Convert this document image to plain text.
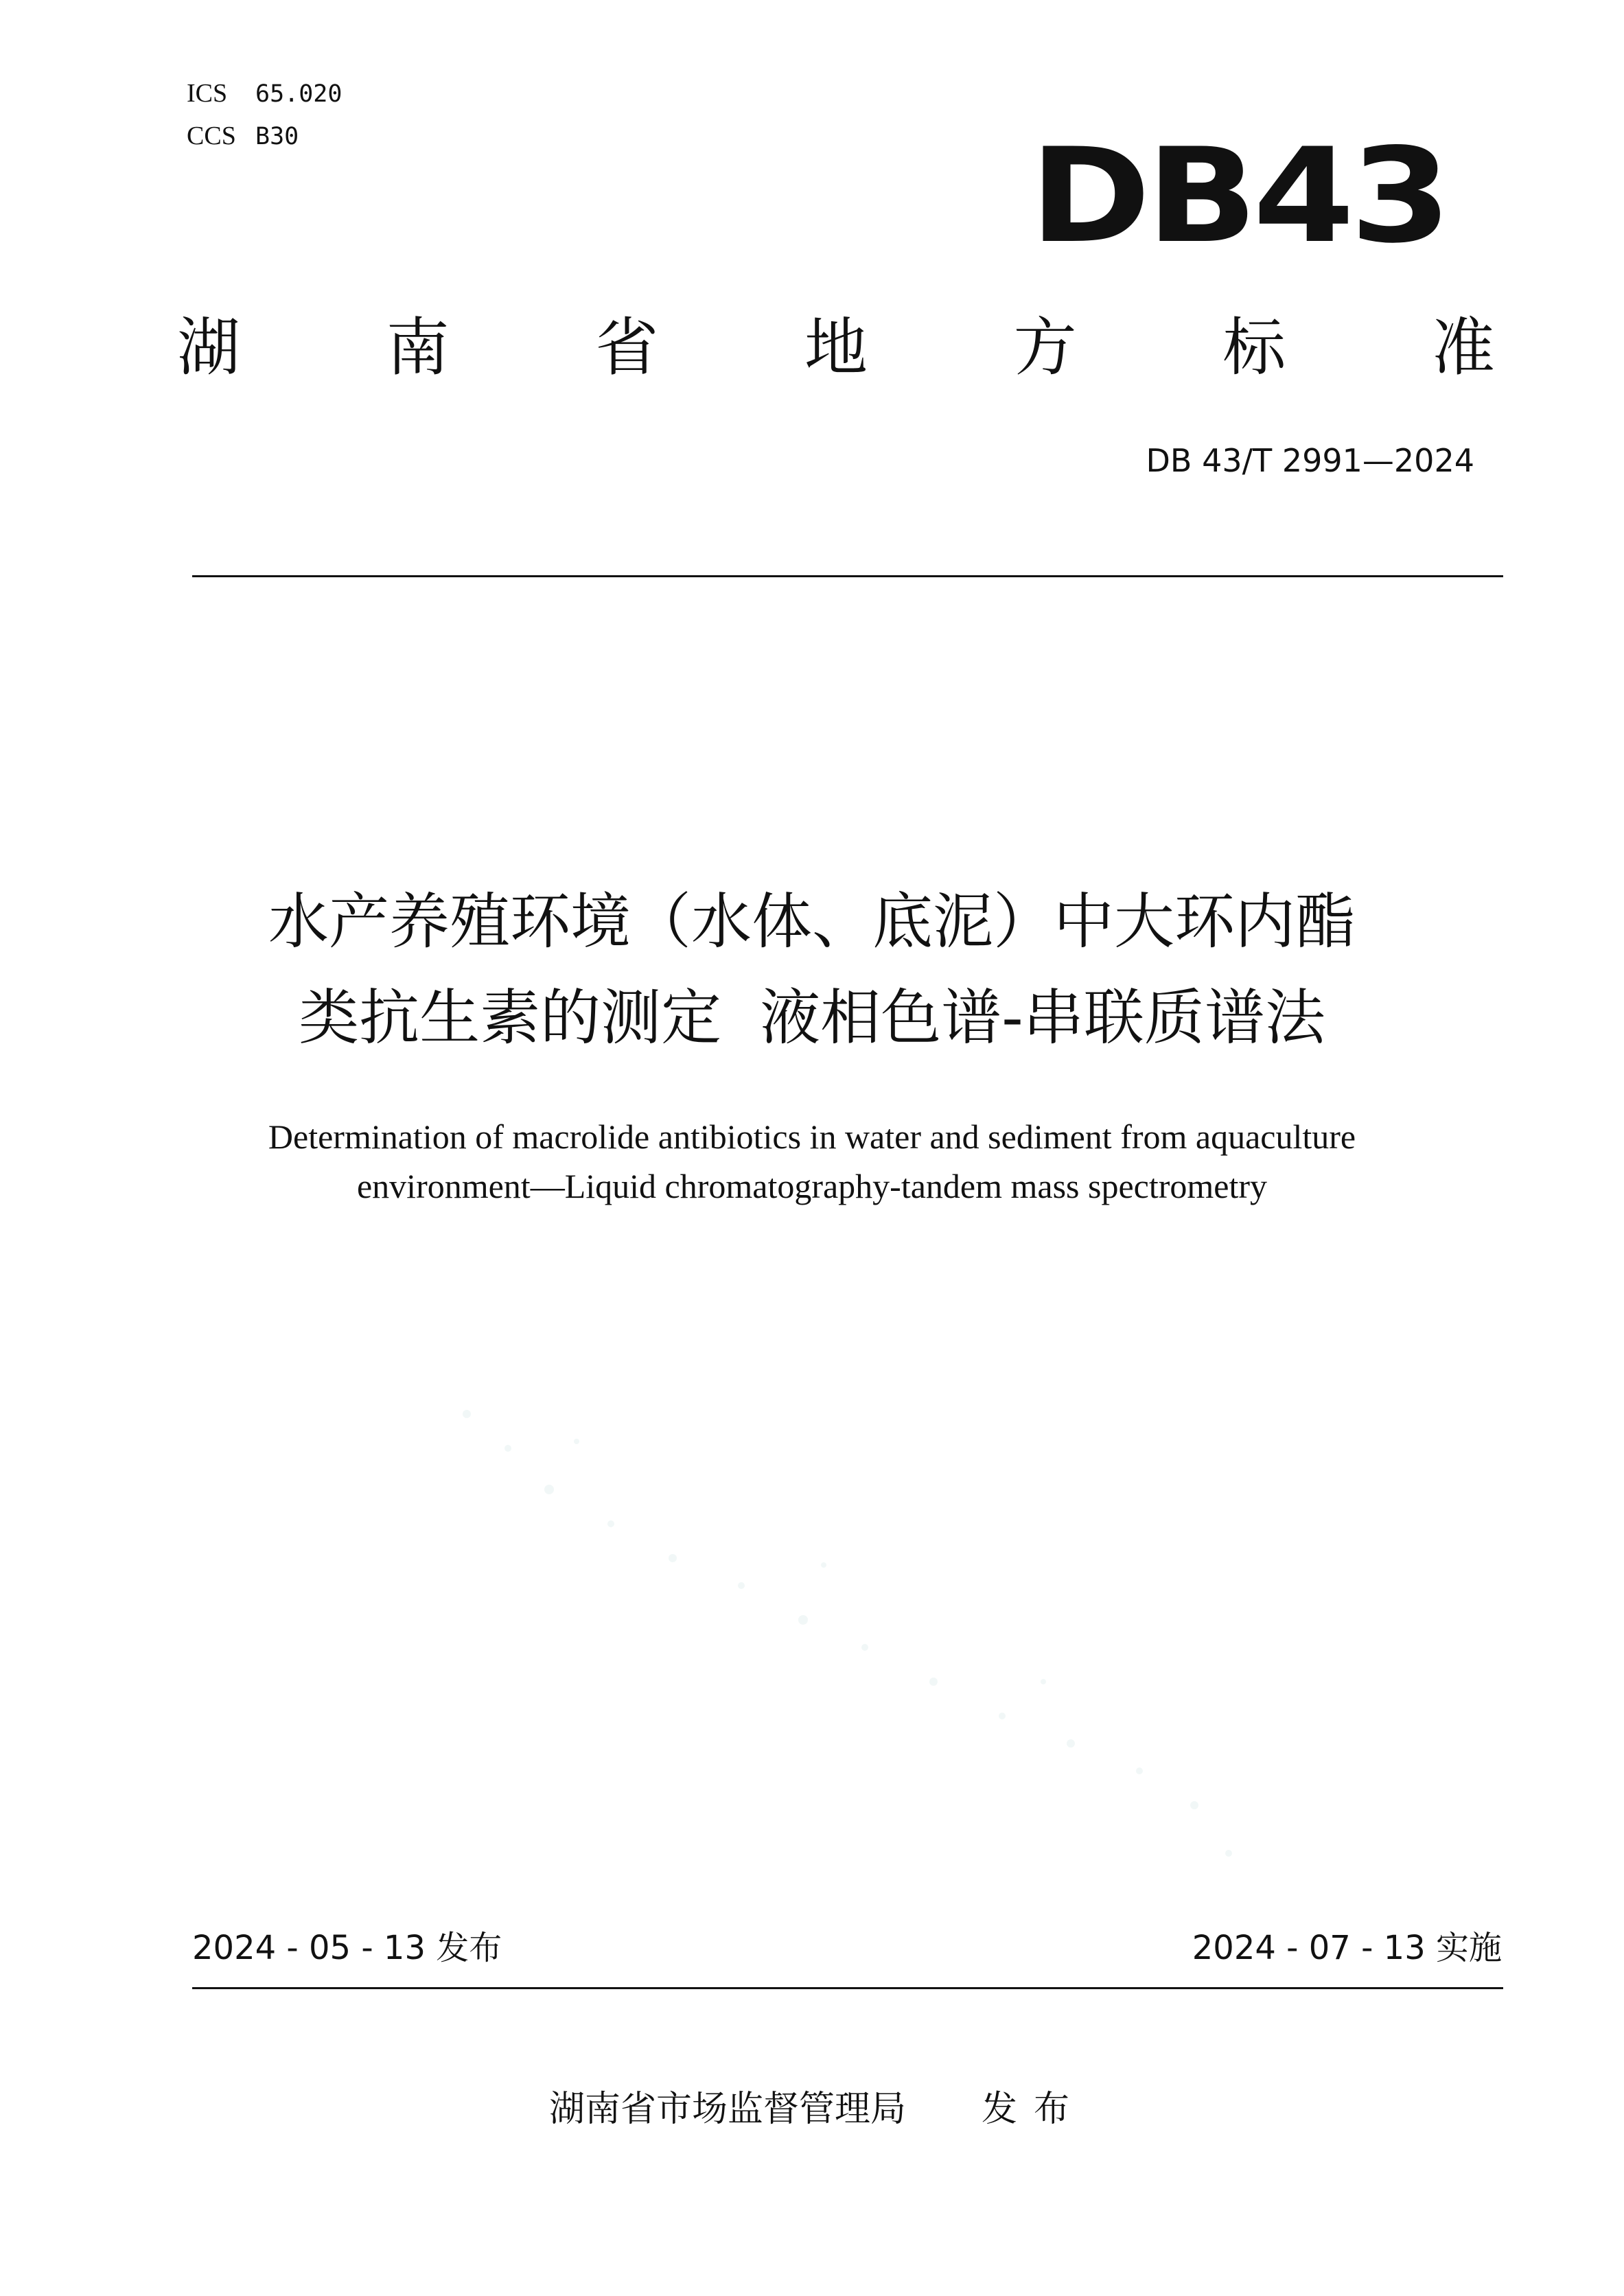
ICS 65.020
CCS B30	DB43
湖 南 省 地 方 标 准
DB 43/T 2991—2024
水产养殖环境（水体、底泥）中大环内酯
类抗生素的测定  液相色谱-串联质谱法
Determination of macrolide antibiotics in water and sediment from aquaculture
environment—Liquid chromatography-tandem mass spectrometry
2024 - 05 - 13 发布	2024 - 07 - 13 实施
湖南省市场监督管理局 发布
